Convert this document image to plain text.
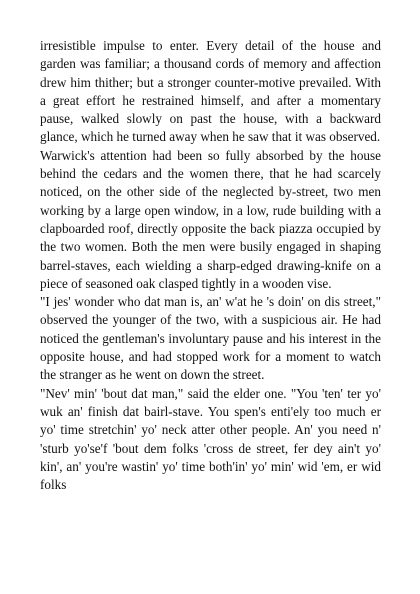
irresistible impulse to enter. Every detail of the house and garden was familiar; a thousand cords of memory and affection drew him thither; but a stronger counter-motive prevailed. With a great effort he restrained himself, and after a momentary pause, walked slowly on past the house, with a backward glance, which he turned away when he saw that it was observed.

Warwick's attention had been so fully absorbed by the house behind the cedars and the women there, that he had scarcely noticed, on the other side of the neglected by-street, two men working by a large open window, in a low, rude building with a clapboarded roof, directly opposite the back piazza occupied by the two women. Both the men were busily engaged in shaping barrel-staves, each wielding a sharp-edged drawing-knife on a piece of seasoned oak clasped tightly in a wooden vise.

"I jes' wonder who dat man is, an' w'at he 's doin' on dis street," observed the younger of the two, with a suspicious air. He had noticed the gentleman's involuntary pause and his interest in the opposite house, and had stopped work for a moment to watch the stranger as he went on down the street.

"Nev' min' 'bout dat man," said the elder one. "You 'ten' ter yo' wuk an' finish dat bairl-stave. You spen's enti'ely too much er yo' time stretchin' yo' neck atter other people. An' you need n' 'sturb yo'se'f 'bout dem folks 'cross de street, fer dey ain't yo' kin', an' you're wastin' yo' time both'in' yo' min' wid 'em, er wid folks
